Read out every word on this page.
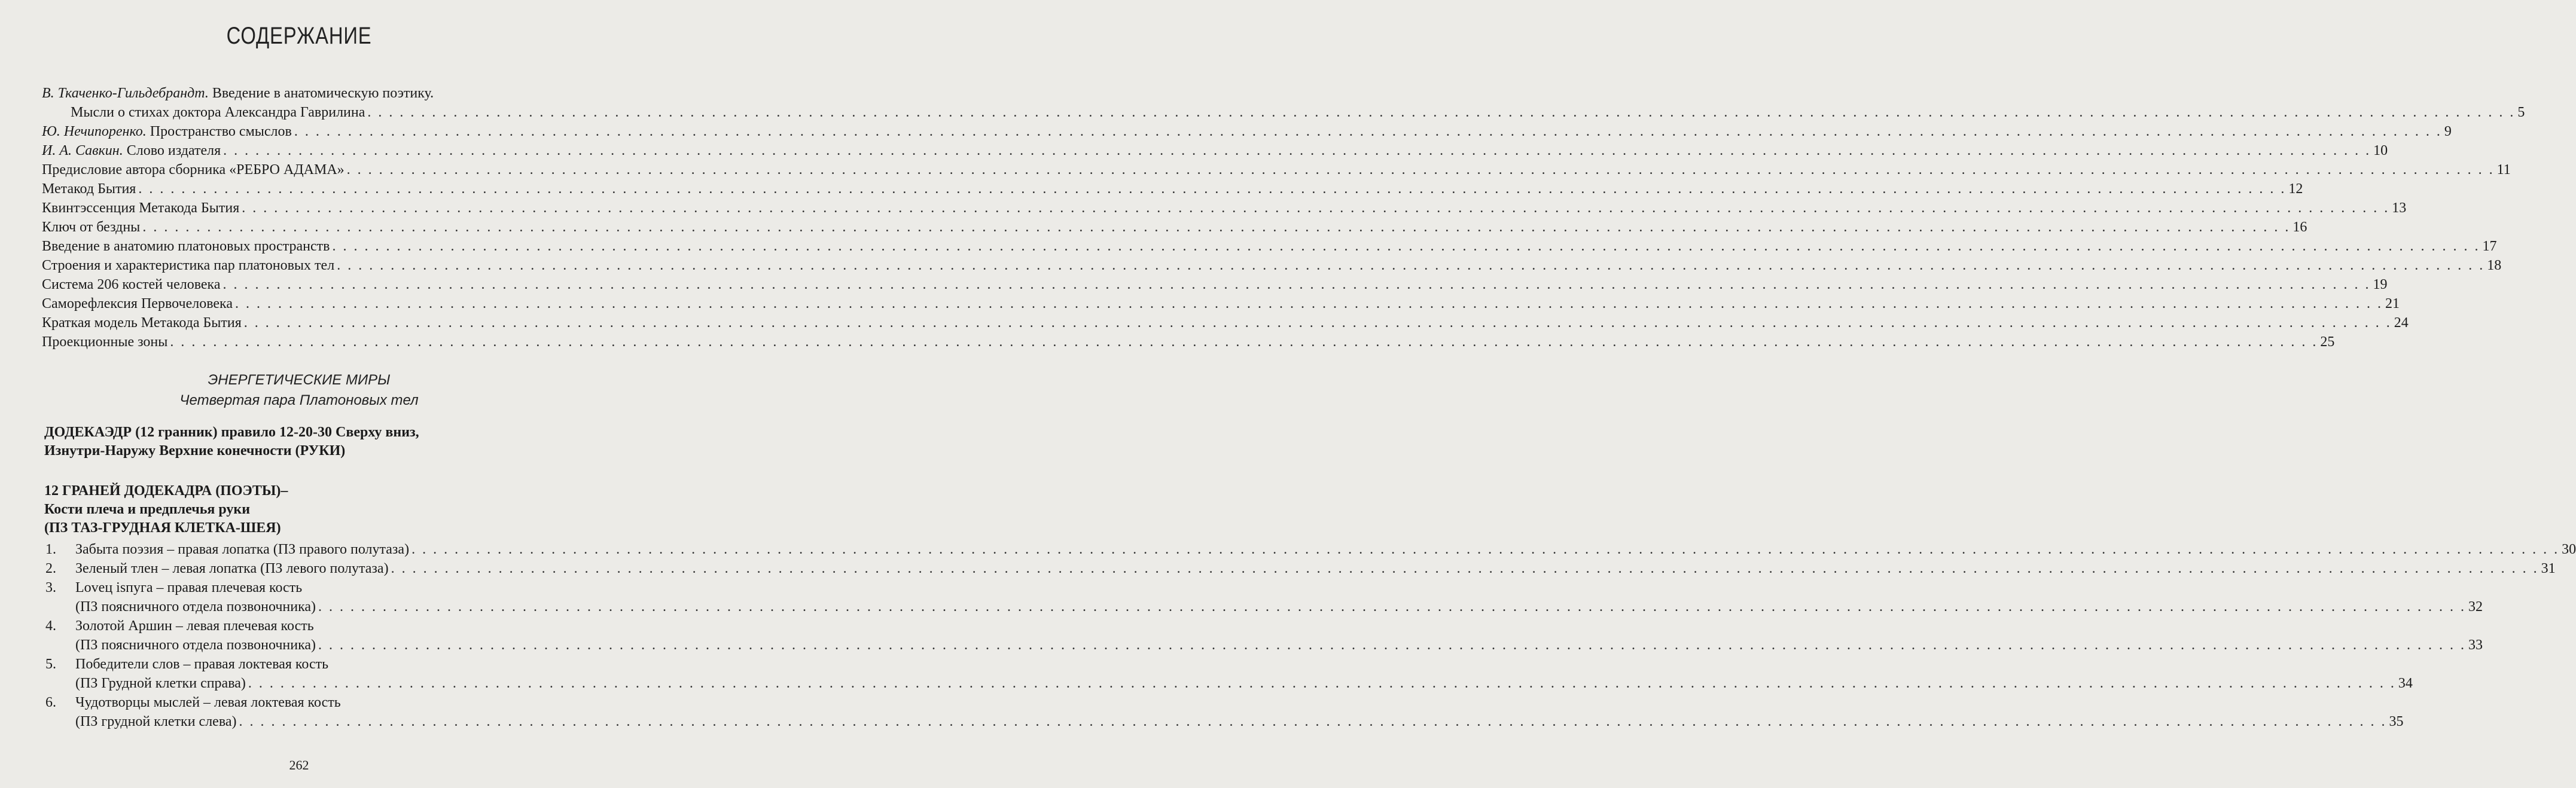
СОДЕРЖАНИЕ
В. Ткаченко-Гильдебрандт. Введение в анатомическую поэтику.
Мысли о стихах доктора Александра Гаврилина . . . . . . . . . . . . . . . . . . . . . . . . . . . . . . . . . . . . . . . . . . . . . . . . . . . . . . . . . . . . . . . . . . . . . . . . . . . . . . . . . . . . . . . . . . . . . . . . . . . . . . . . . . . . . . . . . . . . . . . . . . . . . . . . . . . . . . . . . . . . . . . . . . . . . . . . . . . . . . . . . . . . . . . . . . . . . . . . . . . . . . . . . . . . . . . . . . . . . . . . 5
Ю. Нечипоренко. Пространство смыслов . . . . . . . . . . . . . . . . . . . . . . . . . . . . . . . . . . . . . . . . . . . . . . . . . . . . . . . . . . . . . . . . . . . . . . . . . . . . . . . . . . . . . . . . . . . . . . . . . . . . . . . . . . . . . . . . . . . . . . . . . . . . . . . . . . . . . . . . . . . . . . . . . . . . . . . . . . . . . . . . . . . . . . . . . . . . . . . . . . . . . . . . . . . . . . . . . . . . . . . . 9
И. А. Савкин. Слово издателя . . . . . . . . . . . . . . . . . . . . . . . . . . . . . . . . . . . . . . . . . . . . . . . . . . . . . . . . . . . . . . . . . . . . . . . . . . . . . . . . . . . . . . . . . . . . . . . . . . . . . . . . . . . . . . . . . . . . . . . . . . . . . . . . . . . . . . . . . . . . . . . . . . . . . . . . . . . . . . . . . . . . . . . . . . . . . . . . . . . . . . . . . . . . . . . . . . . . . . . . 10
Предисловие автора сборника «РЕБРО АДАМА» . . . . . . . . . . . . . . . . . . . . . . . . . . . . . . . . . . . . . . . . . . . . . . . . . . . . . . . . . . . . . . . . . . . . . . . . . . . . . . . . . . . . . . . . . . . . . . . . . . . . . . . . . . . . . . . . . . . . . . . . . . . . . . . . . . . . . . . . . . . . . . . . . . . . . . . . . . . . . . . . . . . . . . . . . . . . . . . . . . . . . . . . . . . . . . . . . . . . . . . . 11
Метакод Бытия . . . . . . . . . . . . . . . . . . . . . . . . . . . . . . . . . . . . . . . . . . . . . . . . . . . . . . . . . . . . . . . . . . . . . . . . . . . . . . . . . . . . . . . . . . . . . . . . . . . . . . . . . . . . . . . . . . . . . . . . . . . . . . . . . . . . . . . . . . . . . . . . . . . . . . . . . . . . . . . . . . . . . . . . . . . . . . . . . . . . . . . . . . . . . . . . . . . . . . . . 12
Квинтэссенция Метакода Бытия . . . . . . . . . . . . . . . . . . . . . . . . . . . . . . . . . . . . . . . . . . . . . . . . . . . . . . . . . . . . . . . . . . . . . . . . . . . . . . . . . . . . . . . . . . . . . . . . . . . . . . . . . . . . . . . . . . . . . . . . . . . . . . . . . . . . . . . . . . . . . . . . . . . . . . . . . . . . . . . . . . . . . . . . . . . . . . . . . . . . . . . . . . . . . . . . . . . . . . . . 13
Ключ от бездны . . . . . . . . . . . . . . . . . . . . . . . . . . . . . . . . . . . . . . . . . . . . . . . . . . . . . . . . . . . . . . . . . . . . . . . . . . . . . . . . . . . . . . . . . . . . . . . . . . . . . . . . . . . . . . . . . . . . . . . . . . . . . . . . . . . . . . . . . . . . . . . . . . . . . . . . . . . . . . . . . . . . . . . . . . . . . . . . . . . . . . . . . . . . . . . . . . . . . . . . 16
Введение в анатомию платоновых пространств . . . . . . . . . . . . . . . . . . . . . . . . . . . . . . . . . . . . . . . . . . . . . . . . . . . . . . . . . . . . . . . . . . . . . . . . . . . . . . . . . . . . . . . . . . . . . . . . . . . . . . . . . . . . . . . . . . . . . . . . . . . . . . . . . . . . . . . . . . . . . . . . . . . . . . . . . . . . . . . . . . . . . . . . . . . . . . . . . . . . . . . . . . . . . . . . . . . . . . . . 17
Строения и характеристика пар платоновых тел . . . . . . . . . . . . . . . . . . . . . . . . . . . . . . . . . . . . . . . . . . . . . . . . . . . . . . . . . . . . . . . . . . . . . . . . . . . . . . . . . . . . . . . . . . . . . . . . . . . . . . . . . . . . . . . . . . . . . . . . . . . . . . . . . . . . . . . . . . . . . . . . . . . . . . . . . . . . . . . . . . . . . . . . . . . . . . . . . . . . . . . . . . . . . . . . . . . . . . . . 18
Система 206 костей человека . . . . . . . . . . . . . . . . . . . . . . . . . . . . . . . . . . . . . . . . . . . . . . . . . . . . . . . . . . . . . . . . . . . . . . . . . . . . . . . . . . . . . . . . . . . . . . . . . . . . . . . . . . . . . . . . . . . . . . . . . . . . . . . . . . . . . . . . . . . . . . . . . . . . . . . . . . . . . . . . . . . . . . . . . . . . . . . . . . . . . . . . . . . . . . . . . . . . . . . . 19
Саморефлексия Первочеловека . . . . . . . . . . . . . . . . . . . . . . . . . . . . . . . . . . . . . . . . . . . . . . . . . . . . . . . . . . . . . . . . . . . . . . . . . . . . . . . . . . . . . . . . . . . . . . . . . . . . . . . . . . . . . . . . . . . . . . . . . . . . . . . . . . . . . . . . . . . . . . . . . . . . . . . . . . . . . . . . . . . . . . . . . . . . . . . . . . . . . . . . . . . . . . . . . . . . . . . . 21
Краткая модель Метакода Бытия . . . . . . . . . . . . . . . . . . . . . . . . . . . . . . . . . . . . . . . . . . . . . . . . . . . . . . . . . . . . . . . . . . . . . . . . . . . . . . . . . . . . . . . . . . . . . . . . . . . . . . . . . . . . . . . . . . . . . . . . . . . . . . . . . . . . . . . . . . . . . . . . . . . . . . . . . . . . . . . . . . . . . . . . . . . . . . . . . . . . . . . . . . . . . . . . . . . . . . . . 24
Проекционные зоны . . . . . . . . . . . . . . . . . . . . . . . . . . . . . . . . . . . . . . . . . . . . . . . . . . . . . . . . . . . . . . . . . . . . . . . . . . . . . . . . . . . . . . . . . . . . . . . . . . . . . . . . . . . . . . . . . . . . . . . . . . . . . . . . . . . . . . . . . . . . . . . . . . . . . . . . . . . . . . . . . . . . . . . . . . . . . . . . . . . . . . . . . . . . . . . . . . . . . . . . 25
ЭНЕРГЕТИЧЕСКИЕ МИРЫ
Четвертая пара Платоновых тел
ДОДЕКАЭДР (12 гранник) правило 12-20-30 Сверху вниз,
Изнутри-Наружу Верхние конечности (РУКИ)
12 ГРАНЕЙ ДОДЕКАДРА (ПОЭТЫ)–
Кости плеча и предплечья руки
(ПЗ ТАЗ-ГРУДНАЯ КЛЕТКА-ШЕЯ)
1.	Забыта поэзия – правая лопатка (ПЗ правого полутаза) . . . . . . . . . . . . . . . . . . . . . . . . . . . . . . . . . . . . . . . . . . . . . . . . . . . . . . . . . . . . . . . . . . . . . . . . . . . . . . . . . . . . . . . . . . . . . . . . . . . . . . . . . . . . . . . . . . . . . . . . . . . . . . . . . . . . . . . . . . . . . . . . . . . . . . . . . . . . . . . . . . . . . . . . . . . . . . . . . . . . . . . . . . . . . . . . . . . . . . . . 30
2.	Зеленый тлен – левая лопатка (ПЗ левого полутаза) . . . . . . . . . . . . . . . . . . . . . . . . . . . . . . . . . . . . . . . . . . . . . . . . . . . . . . . . . . . . . . . . . . . . . . . . . . . . . . . . . . . . . . . . . . . . . . . . . . . . . . . . . . . . . . . . . . . . . . . . . . . . . . . . . . . . . . . . . . . . . . . . . . . . . . . . . . . . . . . . . . . . . . . . . . . . . . . . . . . . . . . . . . . . . . . . . . . . . . . . 31
3.	Loveц isпуга – правая плечевая кость
(ПЗ поясничного отдела позвоночника) . . . . . . . . . . . . . . . . . . . . . . . . . . . . . . . . . . . . . . . . . . . . . . . . . . . . . . . . . . . . . . . . . . . . . . . . . . . . . . . . . . . . . . . . . . . . . . . . . . . . . . . . . . . . . . . . . . . . . . . . . . . . . . . . . . . . . . . . . . . . . . . . . . . . . . . . . . . . . . . . . . . . . . . . . . . . . . . . . . . . . . . . . . . . . . . . . . . . . . . . 32
4.	Золотой Аршин – левая плечевая кость
(ПЗ поясничного отдела позвоночника) . . . . . . . . . . . . . . . . . . . . . . . . . . . . . . . . . . . . . . . . . . . . . . . . . . . . . . . . . . . . . . . . . . . . . . . . . . . . . . . . . . . . . . . . . . . . . . . . . . . . . . . . . . . . . . . . . . . . . . . . . . . . . . . . . . . . . . . . . . . . . . . . . . . . . . . . . . . . . . . . . . . . . . . . . . . . . . . . . . . . . . . . . . . . . . . . . . . . . . . . 33
5.	Победители слов – правая локтевая кость
(ПЗ Грудной клетки справа) . . . . . . . . . . . . . . . . . . . . . . . . . . . . . . . . . . . . . . . . . . . . . . . . . . . . . . . . . . . . . . . . . . . . . . . . . . . . . . . . . . . . . . . . . . . . . . . . . . . . . . . . . . . . . . . . . . . . . . . . . . . . . . . . . . . . . . . . . . . . . . . . . . . . . . . . . . . . . . . . . . . . . . . . . . . . . . . . . . . . . . . . . . . . . . . . . . . . . . . . 34
6.	Чудотворцы мыслей – левая локтевая кость
(ПЗ грудной клетки слева) . . . . . . . . . . . . . . . . . . . . . . . . . . . . . . . . . . . . . . . . . . . . . . . . . . . . . . . . . . . . . . . . . . . . . . . . . . . . . . . . . . . . . . . . . . . . . . . . . . . . . . . . . . . . . . . . . . . . . . . . . . . . . . . . . . . . . . . . . . . . . . . . . . . . . . . . . . . . . . . . . . . . . . . . . . . . . . . . . . . . . . . . . . . . . . . . . . . . . . . . 35
262
